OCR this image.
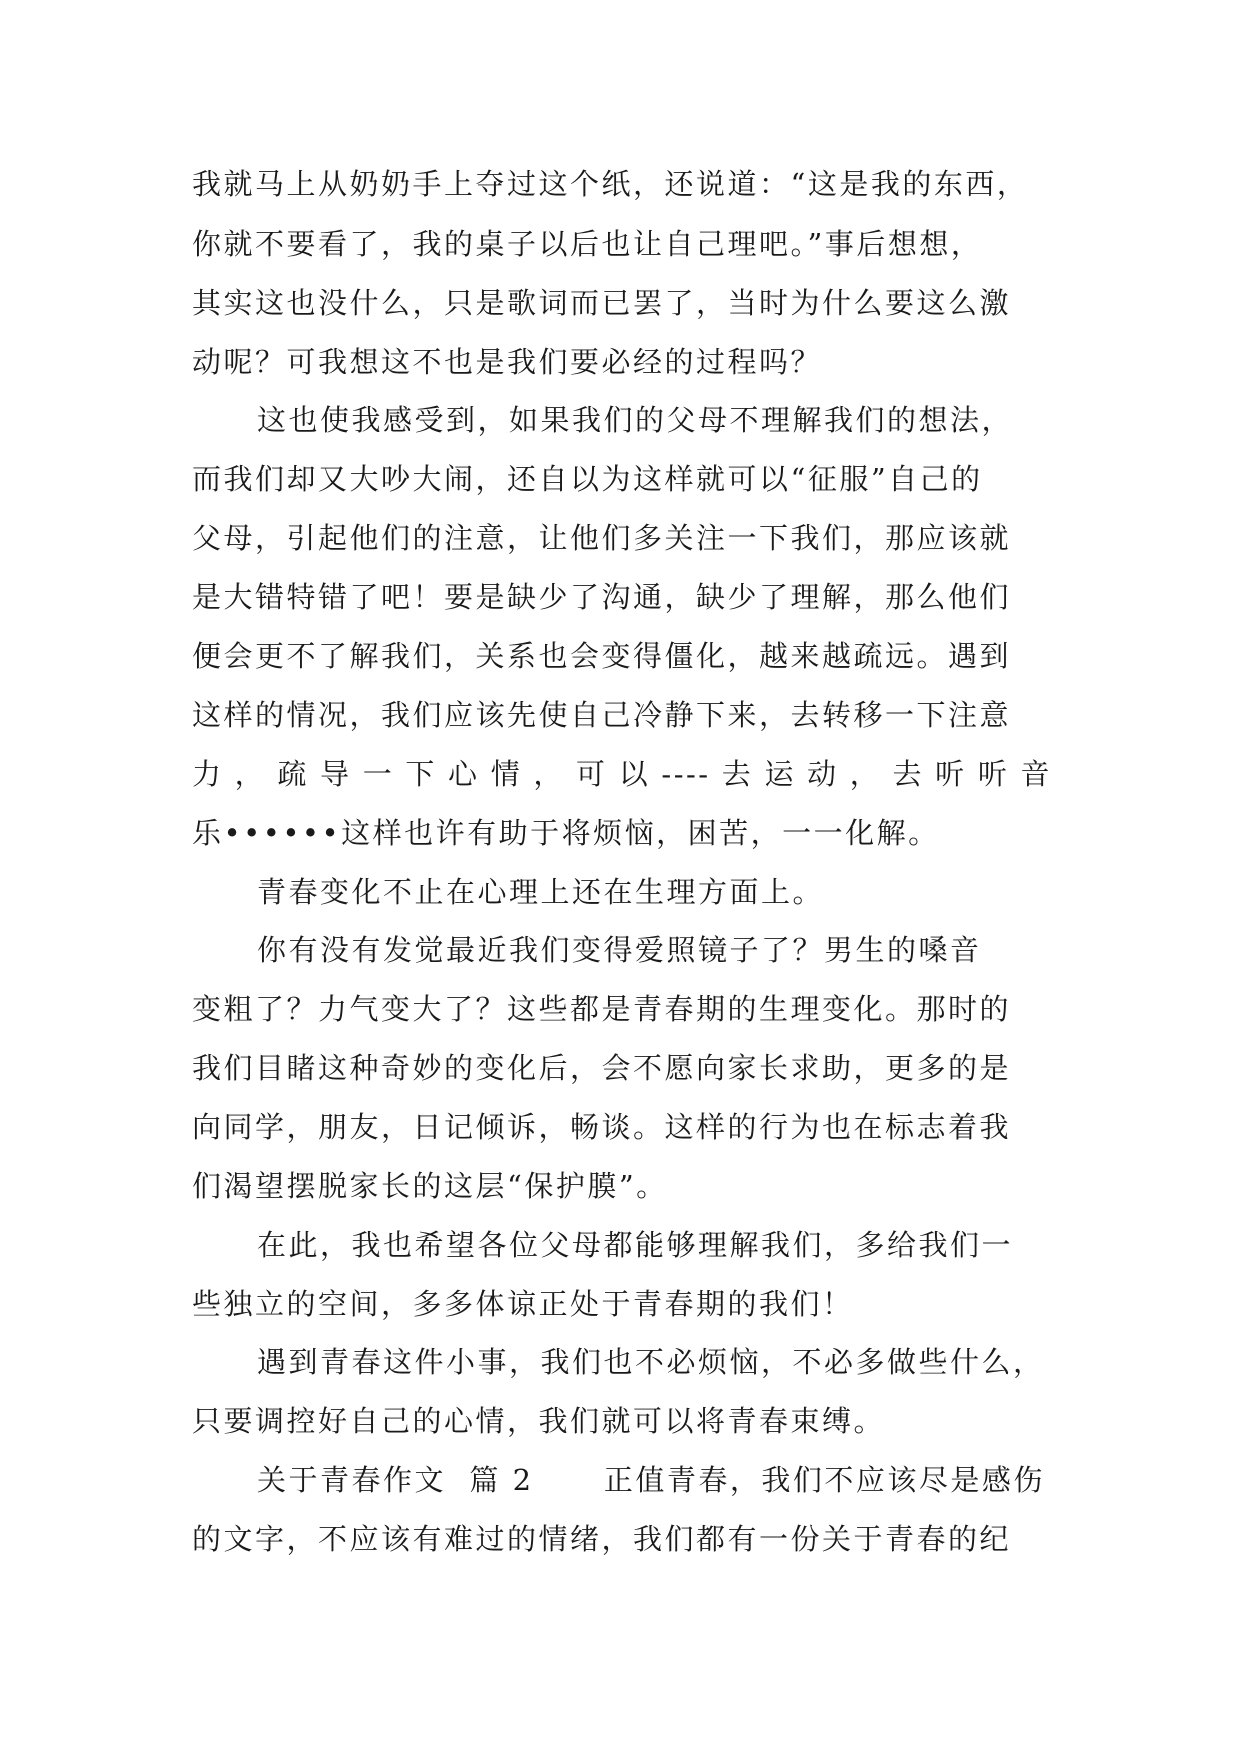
我就马上从奶奶手上夺过这个纸，还说道：“这是我的东西，
你就不要看了，我的桌子以后也让自己理吧。”事后想想，
其实这也没什么，只是歌词而已罢了，当时为什么要这么激
动呢？可我想这不也是我们要必经的过程吗？
这也使我感受到，如果我们的父母不理解我们的想法，
而我们却又大吵大闹，还自以为这样就可以“征服”自己的
父母，引起他们的注意，让他们多关注一下我们，那应该就
是大错特错了吧！要是缺少了沟通，缺少了理解，那么他们
便会更不了解我们，关系也会变得僵化，越来越疏远。遇到
这样的情况，我们应该先使自己冷静下来，去转移一下注意
力，疏导一下心情，可以----去运动，去听听音
乐••••••这样也许有助于将烦恼，困苦，一一化解。
青春变化不止在心理上还在生理方面上。
你有没有发觉最近我们变得爱照镜子了？男生的嗓音
变粗了？力气变大了？这些都是青春期的生理变化。那时的
我们目睹这种奇妙的变化后，会不愿向家长求助，更多的是
向同学，朋友，日记倾诉，畅谈。这样的行为也在标志着我
们渴望摆脱家长的这层“保护膜”。
在此，我也希望各位父母都能够理解我们，多给我们一
些独立的空间，多多体谅正处于青春期的我们！
遇到青春这件小事，我们也不必烦恼，不必多做些什么，
只要调控好自己的心情，我们就可以将青春束缚。
关于青春作文  篇 2      正值青春，我们不应该尽是感伤
的文字，不应该有难过的情绪，我们都有一份关于青春的纪
